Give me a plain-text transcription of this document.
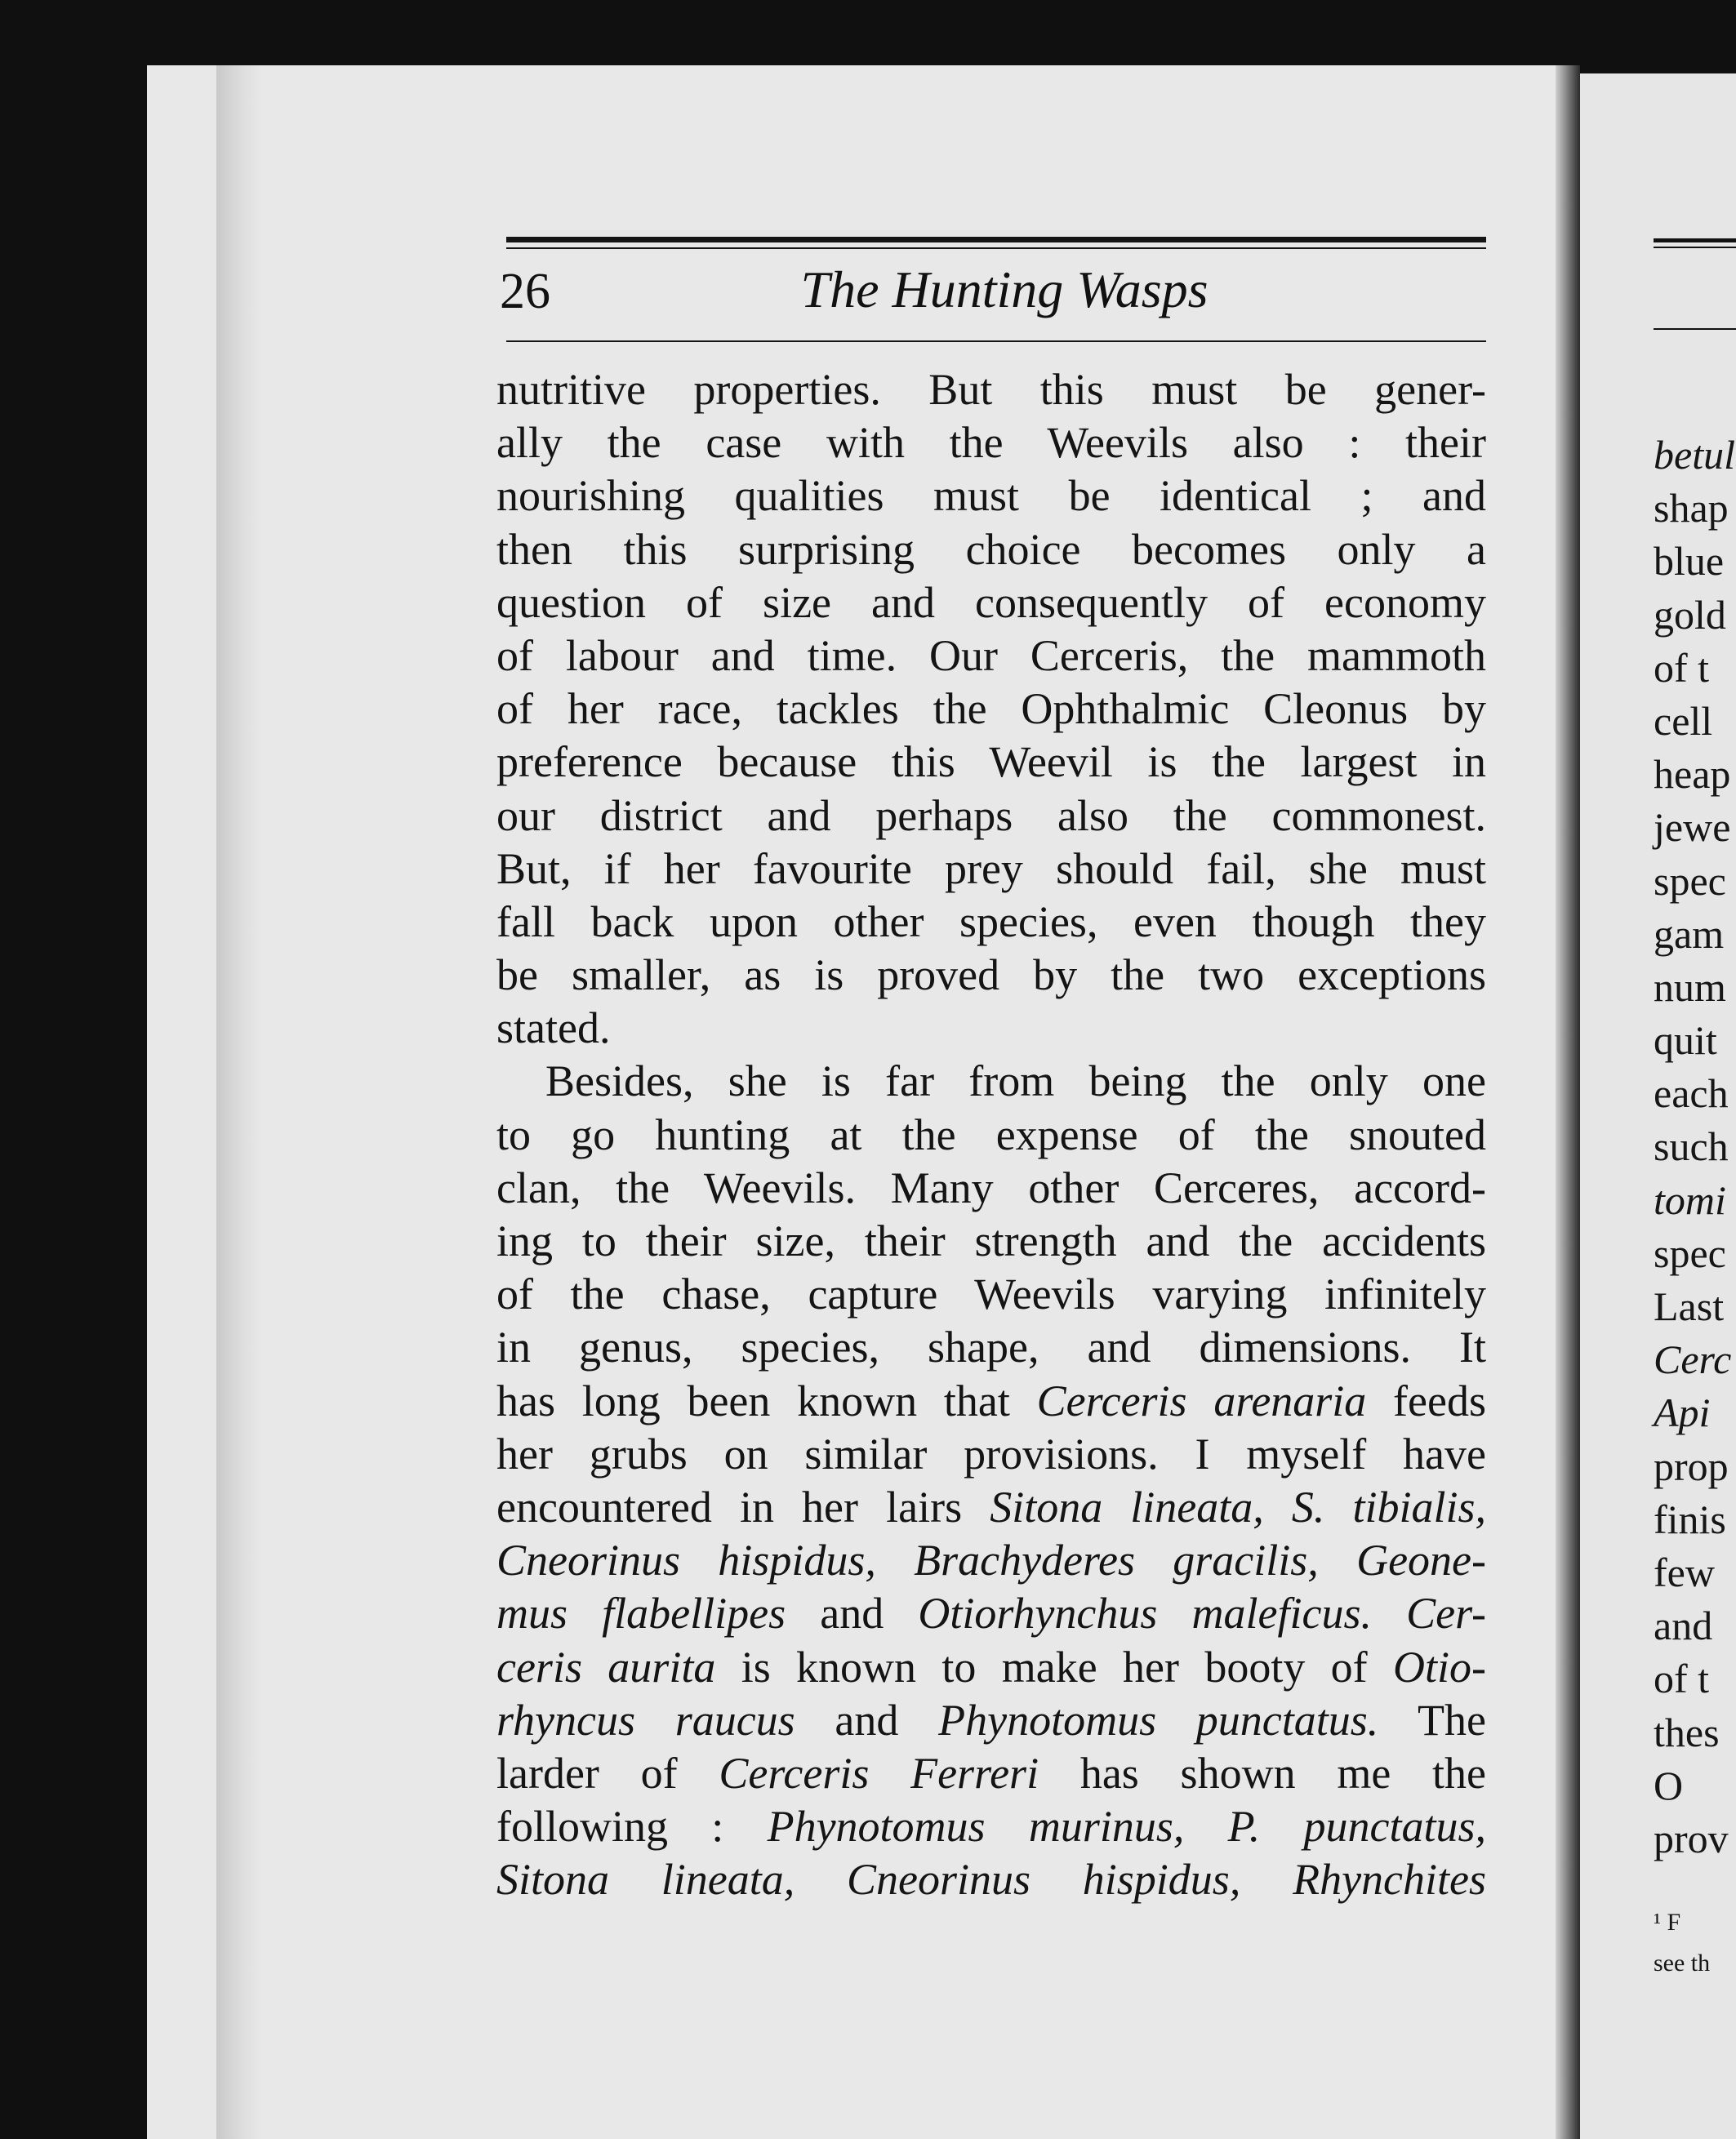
betul
shap
blue
gold
of t
cell
heap
jewe
spec
gam
num
quit
each
such
tomi
spec
Last
Cerc
Api
prop
finis
few
and
of t
thes
O
prov
¹ F
see th
26	The Hunting Wasps
nutritive properties. But this must be gener-
ally the case with the Weevils also : their
nourishing qualities must be identical ; and
then this surprising choice becomes only a
question of size and consequently of economy
of labour and time. Our Cerceris, the mammoth
of her race, tackles the Ophthalmic Cleonus by
preference because this Weevil is the largest in
our district and perhaps also the commonest.
But, if her favourite prey should fail, she must
fall back upon other species, even though they
be smaller, as is proved by the two exceptions
stated.
Besides, she is far from being the only one
to go hunting at the expense of the snouted
clan, the Weevils. Many other Cerceres, accord-
ing to their size, their strength and the accidents
of the chase, capture Weevils varying infinitely
in genus, species, shape, and dimensions. It
has long been known that Cerceris arenaria feeds
her grubs on similar provisions. I myself have
encountered in her lairs Sitona lineata, S. tibialis,
Cneorinus hispidus, Brachyderes gracilis, Geone-
mus flabellipes and Otiorhynchus maleficus. Cer-
ceris aurita is known to make her booty of Otio-
rhyncus raucus and Phynotomus punctatus. The
larder of Cerceris Ferreri has shown me the
following : Phynotomus murinus, P. punctatus,
Sitona lineata, Cneorinus hispidus, Rhynchites
